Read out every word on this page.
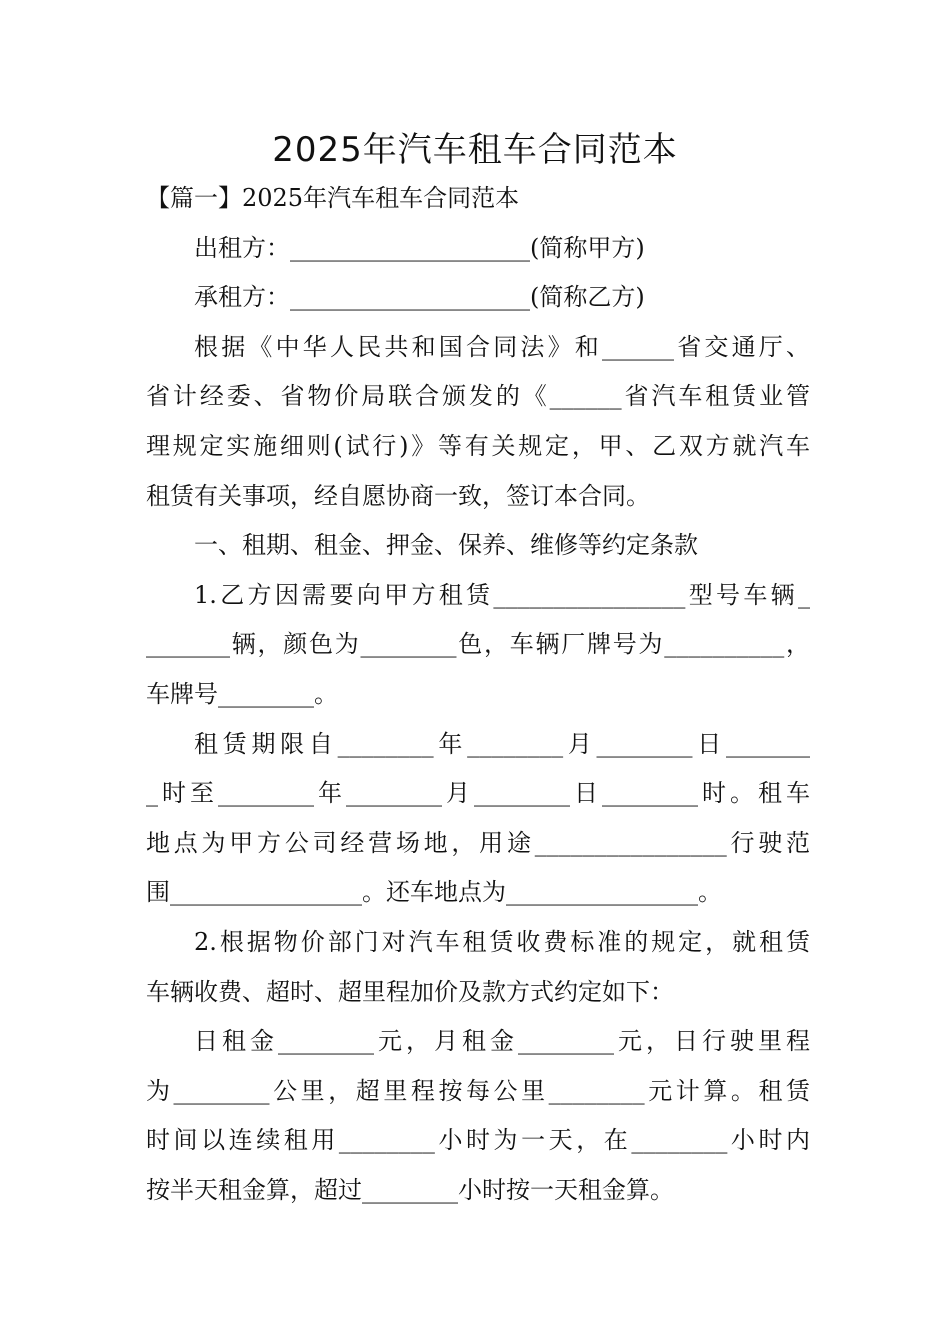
2025年汽车租车合同范本

【篇一】2025年汽车租车合同范本

出租方：____________________(简称甲方)

承租方：____________________(简称乙方)

根据《中华人民共和国合同法》和______省交通厅、

省计经委、省物价局联合颁发的《______省汽车租赁业管

理规定实施细则(试行)》等有关规定，甲、乙双方就汽车

租赁有关事项，经自愿协商一致，签订本合同。

一、租期、租金、押金、保养、维修等约定条款

1.乙方因需要向甲方租赁________________型号车辆_

_______辆，颜色为________色，车辆厂牌号为__________，

车牌号________。

租赁期限自________年________月________日_______

_时至________年________月________日________时。租车

地点为甲方公司经营场地，用途________________行驶范

围________________。还车地点为________________。

2.根据物价部门对汽车租赁收费标准的规定，就租赁

车辆收费、超时、超里程加价及款方式约定如下：

日租金________元，月租金________元，日行驶里程

为________公里，超里程按每公里________元计算。租赁

时间以连续租用________小时为一天，在________小时内

按半天租金算，超过________小时按一天租金算。
